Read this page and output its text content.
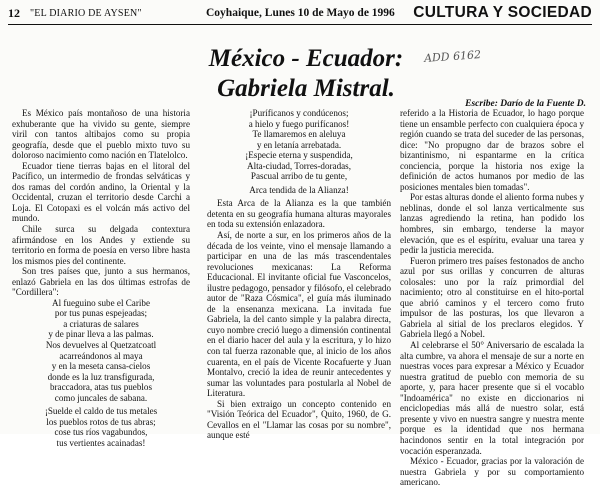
12 "EL DIARIO DE AYSEN"	Coyhaique, Lunes 10 de Mayo de 1996 CULTURA Y SOCIEDAD
México - Ecuador:
Gabriela Mistral.
ADD 6162
Escribe: Darío de la Fuente D.

Es México país montañoso de una historia exhuberante que ha vivido su gente, siempre viril con tantos altibajos como su propia geografía, desde que el pueblo mixto tuvo su doloroso nacimiento como nación en Tlatelolco.

Ecuador tiene tierras bajas en el litoral del Pacífico, un intermedio de frondas selváticas y dos ramas del cordón andino, la Oriental y la Occidental, cruzan el territorio desde Carchi a Loja. El Cotopaxi es el volcán más activo del mundo.

Chile surca su delgada contextura afirmándose en los Andes y extiende su territorio en forma de poesía en verso libre hasta los mismos pies del continente.

Son tres países que, junto a sus hermanos, enlazó Gabriela en las dos últimas estrofas de "Cordillera":

Al fueguino sube el Caribe
por tus punas espejeadas;
a criaturas de salares
y de pinar lleva a las palmas.
Nos devuelves al Quetzatcoatl
acarreándonos al maya
y en la meseta cansa-cielos
donde es la luz transfigurada,
braccadora, atas tus pueblos
como juncales de sabana.
¡Suelde el caldo de tus metales
los pueblos rotos de tus abras;
cose tus ríos vagabundos,
tus vertientes acainadas!
¡Puríficanos y condúcenos;
a hielo y fuego purifícanos!
Te llamaremos en aleluya
y en letanía arrebatada.
¡Especie eterna y suspendida,
Alta-ciudad, Torres-doradas,
Pascual arribo de tu gente,
Arca tendida de la Alianza!

Esta Arca de la Alianza es la que también detenta en su geografía humana alturas mayorales en toda su extensión enlazadora.

Así, de norte a sur, en los primeros años de la década de los veinte, vino el mensaje llamando a participar en una de las más trascendentales revoluciones mexicanas: La Reforma Educacional. El invitante oficial fue Vasconcelos, ilustre pedagogo, pensador y filósofo, el celebrado autor de "Raza Cósmica", el guía más iluminado de la ensenanza mexicana. La invitada fue Gabriela, la del canto simple y la palabra directa, cuyo nombre creció luego a dimensión continental en el diario hacer del aula y la escritura, y lo hizo con tal fuerza razonable que, al inicio de los años cuarenta, en el país de Vicente Rocafuerte y Juan Montalvo, creció la idea de reunir antecedentes y sumar las voluntades para postularla al Nobel de Literatura.

Si bien extraigo un concepto contenido en "Visión Teórica del Ecuador", Quito, 1960, de G. Cevallos en el "Llamar las cosas por su nombre", aunque esté

referido a la Historia de Ecuador, lo hago porque tiene un ensamble perfecto con cualquiera época y región cuando se trata del suceder de las personas, dice: "No propugno dar de brazos sobre el bizantinismo, ni espantarme en la crítica conciencia, porque la historia nos exige la definición de actos humanos por medio de las posiciones mentales bien tomadas".

Por estas alturas donde el aliento forma nubes y neblinas, donde el sol lanza verticalmente sus lanzas agrediendo la retina, han podido los hombres, sin embargo, tenderse la mayor elevación, que es el espíritu, evaluar una tarea y pedir la justicia merecida.

Fueron primero tres países festonados de ancho azul por sus orillas y concurren de alturas colosales: uno por la raíz primordial del nacimiento; otro al constituirse en el hito-portal que abrió caminos y el tercero como fruto impulsor de las posturas, los que llevaron a Gabriela al sitial de los preclaros elegidos. Y Gabriela llegó a Nobel.

Al celebrarse el 50° Aniversario de escalada la alta cumbre, va ahora el mensaje de sur a norte en nuestras voces para expresar a México y Ecuador nuestra gratitud de pueblo con memoria de su aporte, y, para hacer presente que si el vocablo "Indoamérica" no existe en diccionarios ni enciclopedias más allá de nuestro solar, está presente y vivo en nuestra sangre y nuestra mente porque es la identidad que nos hermana hacindonos sentir en la total integración por vocación esperanzada.

México - Ecuador, gracias por la valoración de nuestra Gabriela y por su comportamiento americano.
